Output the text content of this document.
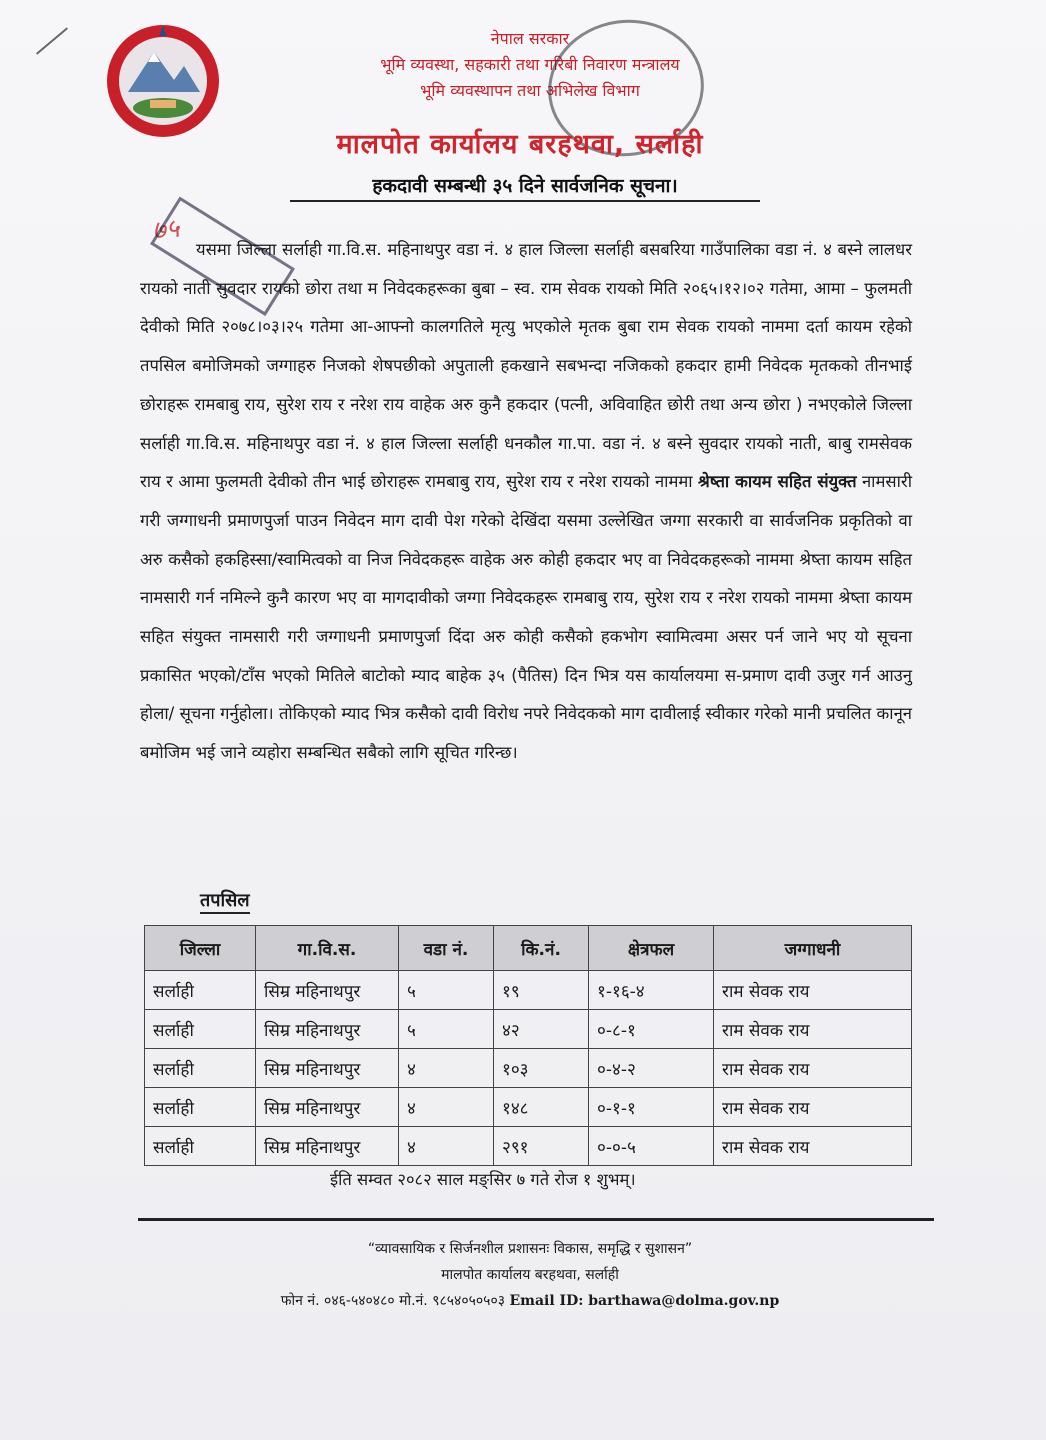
नेपाल सरकार
भूमि व्यवस्था, सहकारी तथा गरिबी निवारण मन्त्रालय
भूमि व्यवस्थापन तथा अभिलेख विभाग
मालपोत कार्यालय बरहथवा, सर्लाही
हकदावी सम्बन्धी ३५ दिने सार्वजनिक सूचना।
७५
यसमा जिल्ला सर्लाही गा.वि.स. महिनाथपुर वडा नं. ४ हाल जिल्ला सर्लाही बसबरिया गाउँपालिका वडा नं. ४ बस्ने लालधर रायको नाती सुवदार रायको छोरा तथा म निवेदकहरूका बुबा – स्व. राम सेवक रायको मिति २०६५।१२।०२ गतेमा, आमा – फुलमती देवीको मिति २०७८।०३।२५ गतेमा आ-आफ्नो कालगतिले मृत्यु भएकोले मृतक बुबा राम सेवक रायको नाममा दर्ता कायम रहेको तपसिल बमोजिमको जग्गाहरु निजको शेषपछीको अपुताली हकखाने सबभन्दा नजिकको हकदार हामी निवेदक मृतकको तीनभाई छोराहरू रामबाबु राय, सुरेश राय र नरेश राय वाहेक अरु कुनै हकदार (पत्नी, अविवाहित छोरी तथा अन्य छोरा ) नभएकोले जिल्ला सर्लाही गा.वि.स. महिनाथपुर वडा नं. ४ हाल जिल्ला सर्लाही धनकौल गा.पा. वडा नं. ४ बस्ने सुवदार रायको नाती, बाबु रामसेवक राय र आमा फुलमती देवीको तीन भाई छोराहरू रामबाबु राय, सुरेश राय र नरेश रायको नाममा श्रेष्ता कायम सहित संयुक्त नामसारी गरी जग्गाधनी प्रमाणपुर्जा पाउन निवेदन माग दावी पेश गरेको देखिंदा यसमा उल्लेखित जग्गा सरकारी वा सार्वजनिक प्रकृतिको वा अरु कसैको हकहिस्सा/स्वामित्वको वा निज निवेदकहरू वाहेक अरु कोही हकदार भए वा निवेदकहरूको नाममा श्रेष्ता कायम सहित नामसारी गर्न नमिल्ने कुनै कारण भए वा मागदावीको जग्गा निवेदकहरू रामबाबु राय, सुरेश राय र नरेश रायको नाममा श्रेष्ता कायम सहित संयुक्त नामसारी गरी जग्गाधनी प्रमाणपुर्जा दिंदा अरु कोही कसैको हकभोग स्वामित्वमा असर पर्न जाने भए यो सूचना प्रकासित भएको/टाँस भएको मितिले बाटोको म्याद बाहेक ३५ (पैतिस) दिन भित्र यस कार्यालयमा स-प्रमाण दावी उजुर गर्न आउनु होला/ सूचना गर्नुहोला। तोकिएको म्याद भित्र कसैको दावी विरोध नपरे निवेदकको माग दावीलाई स्वीकार गरेको मानी प्रचलित कानून बमोजिम भई जाने व्यहोरा सम्बन्धित सबैको लागि सूचित गरिन्छ।
तपसिल
जिल्ला	गा.वि.स.	वडा नं.	कि.नं.	क्षेत्रफल	जग्गाधनी
सर्लाही	सिम्र महिनाथपुर	५	१९	१-१६-४	राम सेवक राय
सर्लाही	सिम्र महिनाथपुर	५	४२	०-८-१	राम सेवक राय
सर्लाही	सिम्र महिनाथपुर	४	१०३	०-४-२	राम सेवक राय
सर्लाही	सिम्र महिनाथपुर	४	१४८	०-१-१	राम सेवक राय
सर्लाही	सिम्र महिनाथपुर	४	२९१	०-०-५	राम सेवक राय
ईति सम्वत २०८२ साल मङ्सिर ७ गते रोज १ शुभम्।
“व्यावसायिक र सिर्जनशील प्रशासनः विकास, समृद्धि र सुशासन”
मालपोत कार्यालय बरहथवा, सर्लाही
फोन नं. ०४६-५४०४८० मो.नं. ९८५४०५०५०३ Email ID: barthawa@dolma.gov.np
